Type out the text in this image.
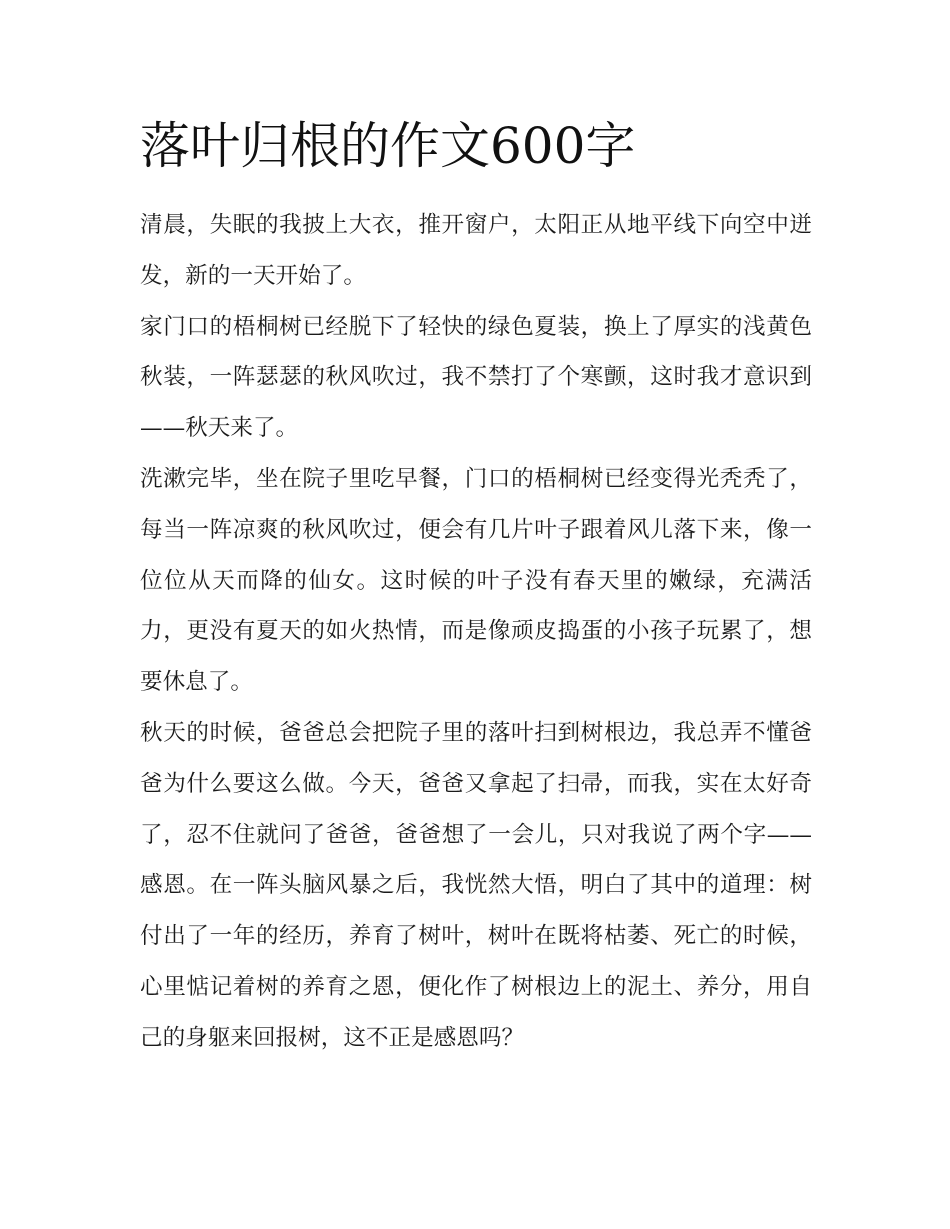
落叶归根的作文600字

清晨，失眠的我披上大衣，推开窗户，太阳正从地平线下向空中迸发，新的一天开始了。

家门口的梧桐树已经脱下了轻快的绿色夏装，换上了厚实的浅黄色秋装，一阵瑟瑟的秋风吹过，我不禁打了个寒颤，这时我才意识到——秋天来了。

洗漱完毕，坐在院子里吃早餐，门口的梧桐树已经变得光秃秃了，每当一阵凉爽的秋风吹过，便会有几片叶子跟着风儿落下来，像一位位从天而降的仙女。这时候的叶子没有春天里的嫩绿，充满活力，更没有夏天的如火热情，而是像顽皮捣蛋的小孩子玩累了，想要休息了。

秋天的时候，爸爸总会把院子里的落叶扫到树根边，我总弄不懂爸爸为什么要这么做。今天，爸爸又拿起了扫帚，而我，实在太好奇了，忍不住就问了爸爸，爸爸想了一会儿，只对我说了两个字——感恩。在一阵头脑风暴之后，我恍然大悟，明白了其中的道理：树付出了一年的经历，养育了树叶，树叶在既将枯萎、死亡的时候，心里惦记着树的养育之恩，便化作了树根边上的泥土、养分，用自己的身躯来回报树，这不正是感恩吗？
